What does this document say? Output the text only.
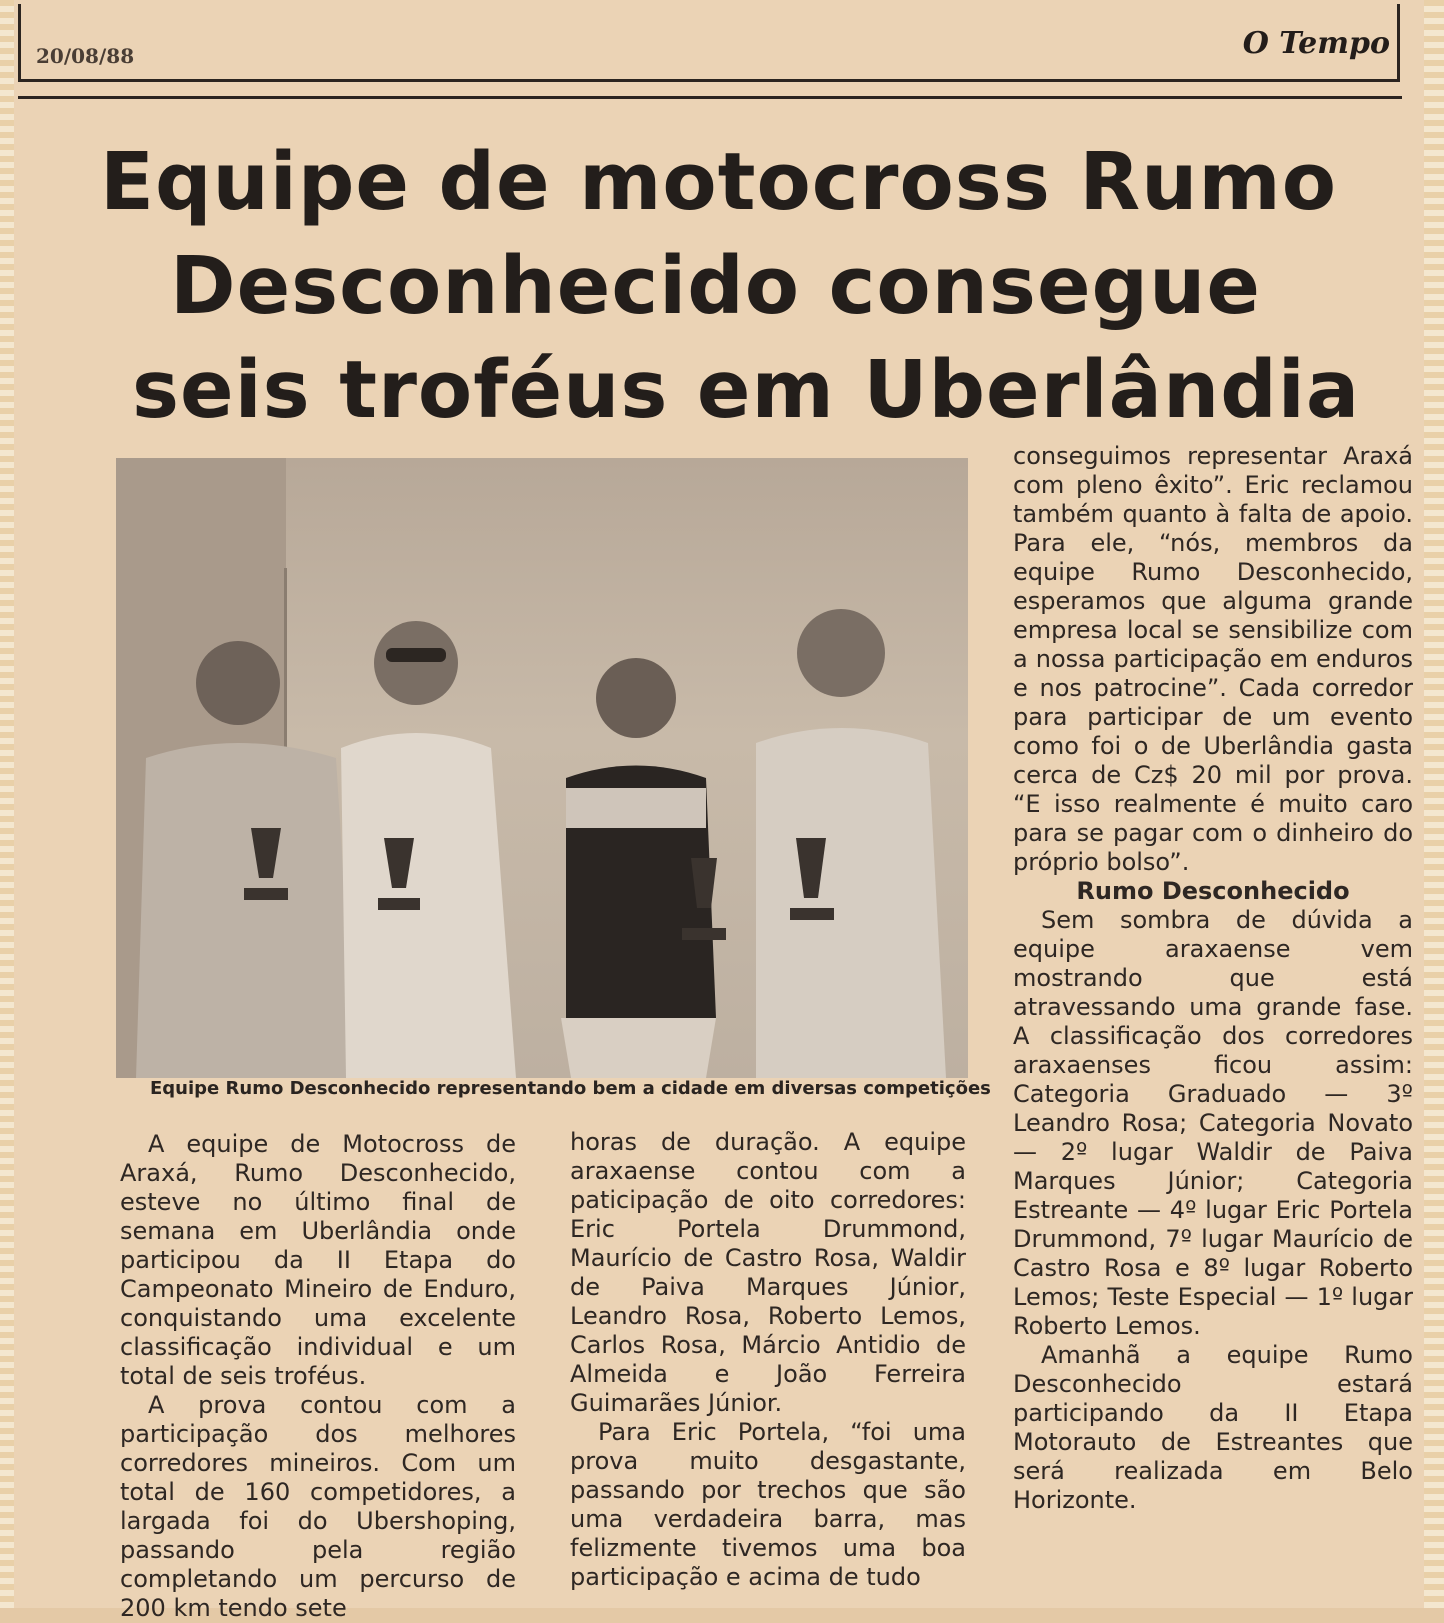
20/08/88	O Tempo
Equipe de motocross Rumo
Desconhecido consegue
seis troféus em Uberlândia
Equipe Rumo Desconhecido representando bem a cidade em diversas competições

A equipe de Motocross de Araxá, Rumo Desconhecido, esteve no último final de semana em Uberlândia onde participou da II Etapa do Campeonato Mineiro de Enduro, conquistando uma excelente classificação individual e um total de seis troféus.

A prova contou com a participação dos melhores corredores mineiros. Com um total de 160 competidores, a largada foi do Ubershoping, passando pela região completando um percurso de 200 km tendo sete

horas de duração. A equipe araxaense contou com a paticipação de oito corredores: Eric Portela Drummond, Maurício de Castro Rosa, Waldir de Paiva Marques Júnior, Leandro Rosa, Roberto Lemos, Carlos Rosa, Márcio Antidio de Almeida e João Ferreira Guimarães Júnior.

Para Eric Portela, “foi uma prova muito desgastante, passando por trechos que são uma verdadeira barra, mas felizmente tivemos uma boa participação e acima de tudo

conseguimos representar Araxá com pleno êxito”. Eric reclamou também quanto à falta de apoio. Para ele, “nós, membros da equipe Rumo Desconhecido, esperamos que alguma grande empresa local se sensibilize com a nossa participação em enduros e nos patrocine”. Cada corredor para participar de um evento como foi o de Uberlândia gasta cerca de Cz$ 20 mil por prova. “E isso realmente é muito caro para se pagar com o dinheiro do próprio bolso”.

Rumo Desconhecido

Sem sombra de dúvida a equipe araxaense vem mostrando que está atravessando uma grande fase. A classificação dos corredores araxaenses ficou assim: Categoria Graduado — 3º Leandro Rosa; Categoria Novato — 2º lugar Waldir de Paiva Marques Júnior; Categoria Estreante — 4º lugar Eric Portela Drummond, 7º lugar Maurício de Castro Rosa e 8º lugar Roberto Lemos; Teste Especial — 1º lugar Roberto Lemos.

Amanhã a equipe Rumo Desconhecido estará participando da II Etapa Motorauto de Estreantes que será realizada em Belo Horizonte.
